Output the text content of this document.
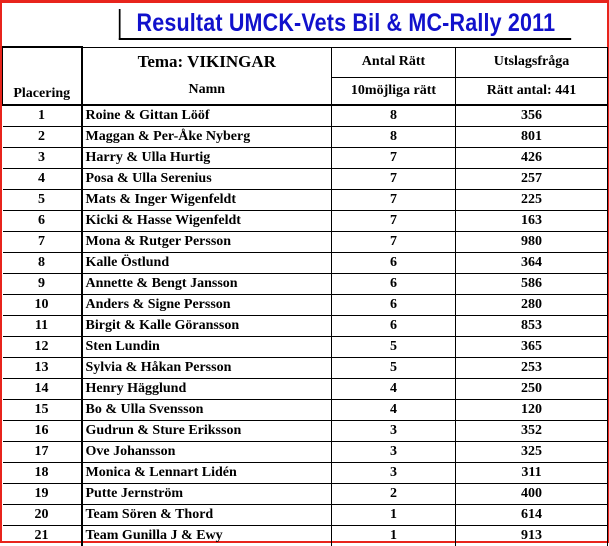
	Resultat UMCK-Vets Bil & MC-Rally 2011		

Placering	Tema: VIKINGAR	Antal Rätt	Utslagsfråga
	Namn	10möjliga rätt	Rätt antal: 441
1	Roine & Gittan Lööf	8	356
2	Maggan & Per-Åke Nyberg	8	801
3	Harry & Ulla Hurtig	7	426
4	Posa & Ulla Serenius	7	257
5	Mats & Inger Wigenfeldt	7	225
6	Kicki & Hasse Wigenfeldt	7	163
7	Mona & Rutger Persson	7	980
8	Kalle Östlund	6	364
9	Annette & Bengt Jansson	6	586
10	Anders & Signe Persson	6	280
11	Birgit & Kalle Göransson	6	853
12	Sten Lundin	5	365
13	Sylvia & Håkan Persson	5	253
14	Henry Hägglund	4	250
15	Bo & Ulla Svensson	4	120
16	Gudrun & Sture Eriksson	3	352
17	Ove Johansson	3	325
18	Monica & Lennart Lidén	3	311
19	Putte Jernström	2	400
20	Team Sören & Thord	1	614
21	Team Gunilla J & Ewy	1	913
